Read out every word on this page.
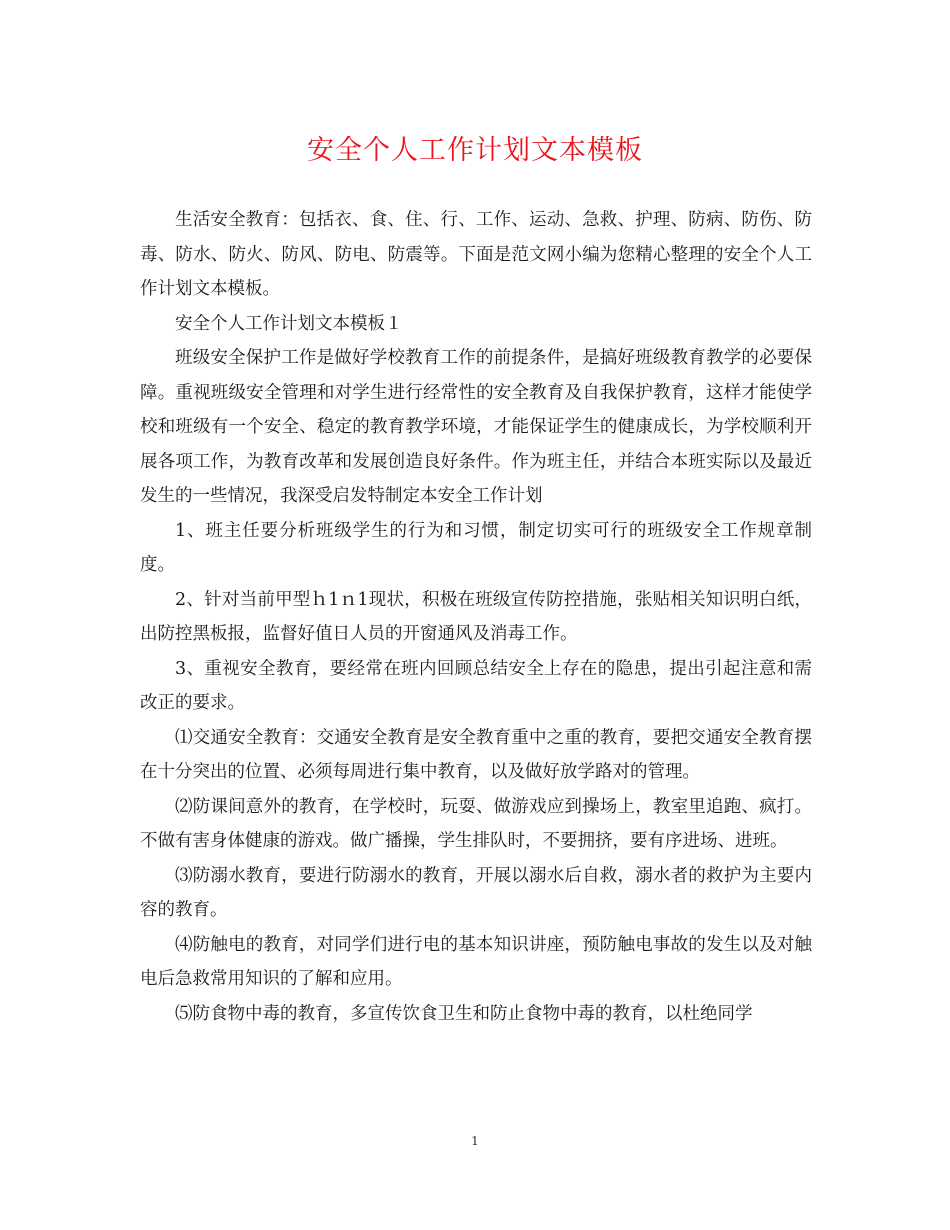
安全个人工作计划文本模板

生活安全教育：包括衣、食、住、行、工作、运动、急救、护理、防病、防伤、防毒、防水、防火、防风、防电、防震等。下面是范文网小编为您精心整理的安全个人工作计划文本模板。

安全个人工作计划文本模板１

班级安全保护工作是做好学校教育工作的前提条件，是搞好班级教育教学的必要保障。重视班级安全管理和对学生进行经常性的安全教育及自我保护教育，这样才能使学校和班级有一个安全、稳定的教育教学环境，才能保证学生的健康成长，为学校顺利开展各项工作，为教育改革和发展创造良好条件。作为班主任，并结合本班实际以及最近发生的一些情况，我深受启发特制定本安全工作计划

1、班主任要分析班级学生的行为和习惯，制定切实可行的班级安全工作规章制度。

2、针对当前甲型ｈ1ｎ1现状，积极在班级宣传防控措施，张贴相关知识明白纸，出防控黑板报，监督好值日人员的开窗通风及消毒工作。

3、重视安全教育，要经常在班内回顾总结安全上存在的隐患，提出引起注意和需改正的要求。

⑴交通安全教育：交通安全教育是安全教育重中之重的教育，要把交通安全教育摆在十分突出的位置、必须每周进行集中教育，以及做好放学路对的管理。

⑵防课间意外的教育，在学校时，玩耍、做游戏应到操场上，教室里追跑、疯打。不做有害身体健康的游戏。做广播操，学生排队时，不要拥挤，要有序进场、进班。

⑶防溺水教育，要进行防溺水的教育，开展以溺水后自救，溺水者的救护为主要内容的教育。

⑷防触电的教育，对同学们进行电的基本知识讲座，预防触电事故的发生以及对触电后急救常用知识的了解和应用。

⑸防食物中毒的教育，多宣传饮食卫生和防止食物中毒的教育，以杜绝同学

1
